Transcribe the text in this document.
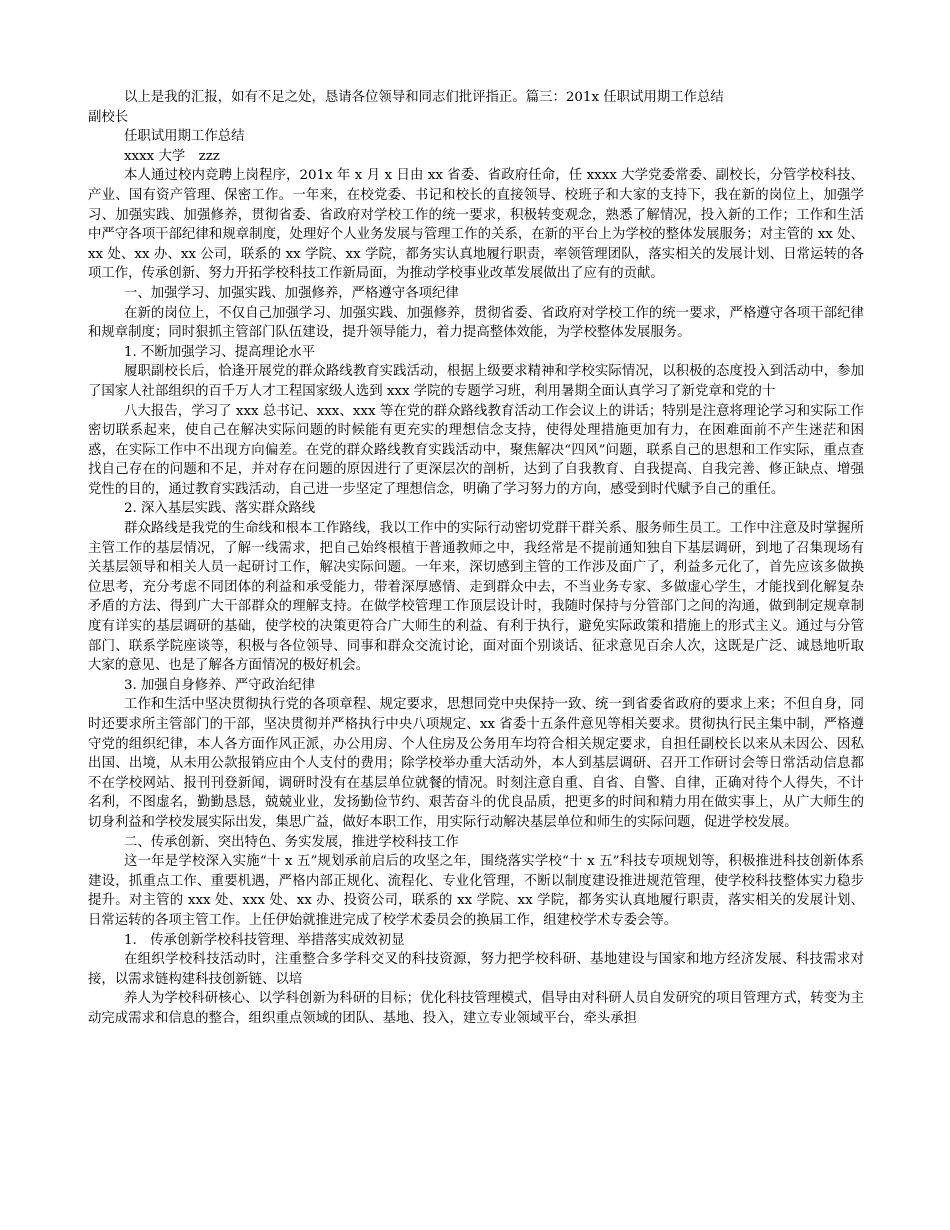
以上是我的汇报，如有不足之处，恳请各位领导和同志们批评指正。篇三：201x 任职试用期工作总结

副校长

任职试用期工作总结

xxxx 大学　zzz

本人通过校内竞聘上岗程序，201x 年 x 月 x 日由 xx 省委、省政府任命，任 xxxx 大学党委常委、副校长，分管学校科技、产业、国有资产管理、保密工作。一年来，在校党委、书记和校长的直接领导、校班子和大家的支持下，我在新的岗位上，加强学习、加强实践、加强修养，贯彻省委、省政府对学校工作的统一要求，积极转变观念，熟悉了解情况，投入新的工作；工作和生活中严守各项干部纪律和规章制度，处理好个人业务发展与管理工作的关系，在新的平台上为学校的整体发展服务；对主管的 xx 处、xx 处、xx 办、xx 公司，联系的 xx 学院、xx 学院，都务实认真地履行职责，率领管理团队，落实相关的发展计划、日常运转的各项工作，传承创新、努力开拓学校科技工作新局面，为推动学校事业改革发展做出了应有的贡献。

一、加强学习、加强实践、加强修养，严格遵守各项纪律

在新的岗位上，不仅自己加强学习、加强实践、加强修养，贯彻省委、省政府对学校工作的统一要求，严格遵守各项干部纪律和规章制度；同时狠抓主管部门队伍建设，提升领导能力，着力提高整体效能，为学校整体发展服务。

1. 不断加强学习、提高理论水平

履职副校长后，恰逢开展党的群众路线教育实践活动，根据上级要求精神和学校实际情况，以积极的态度投入到活动中，参加了国家人社部组织的百千万人才工程国家级人选到 xxx 学院的专题学习班，利用暑期全面认真学习了新党章和党的十

八大报告，学习了 xxx 总书记、xxx、xxx 等在党的群众路线教育活动工作会议上的讲话；特别是注意将理论学习和实际工作密切联系起来，使自己在解决实际问题的时候能有更充实的理想信念支持，使得处理措施更加有力，在困难面前不产生迷茫和困惑，在实际工作中不出现方向偏差。在党的群众路线教育实践活动中，聚焦解决“四风”问题，联系自己的思想和工作实际，重点查找自己存在的问题和不足，并对存在问题的原因进行了更深层次的剖析，达到了自我教育、自我提高、自我完善、修正缺点、增强党性的目的，通过教育实践活动，自己进一步坚定了理想信念，明确了学习努力的方向，感受到时代赋予自己的重任。

2. 深入基层实践、落实群众路线

群众路线是我党的生命线和根本工作路线，我以工作中的实际行动密切党群干群关系、服务师生员工。工作中注意及时掌握所主管工作的基层情况，了解一线需求，把自己始终根植于普通教师之中，我经常是不提前通知独自下基层调研，到地了召集现场有关基层领导和相关人员一起研讨工作，解决实际问题。一年来，深切感到主管的工作涉及面广了，利益多元化了，首先应该多做换位思考，充分考虑不同团体的利益和承受能力，带着深厚感情、走到群众中去，不当业务专家、多做虚心学生，才能找到化解复杂矛盾的方法、得到广大干部群众的理解支持。在做学校管理工作顶层设计时，我随时保持与分管部门之间的沟通，做到制定规章制度有详实的基层调研的基础，使学校的决策更符合广大师生的利益、有利于执行，避免实际政策和措施上的形式主义。通过与分管部门、联系学院座谈等，积极与各位领导、同事和群众交流讨论，面对面个别谈话、征求意见百余人次，这既是广泛、诚恳地听取大家的意见、也是了解各方面情况的极好机会。

3. 加强自身修养、严守政治纪律

工作和生活中坚决贯彻执行党的各项章程、规定要求，思想同党中央保持一致、统一到省委省政府的要求上来；不但自身，同时还要求所主管部门的干部，坚决贯彻并严格执行中央八项规定、xx 省委十五条件意见等相关要求。贯彻执行民主集中制，严格遵守党的组织纪律，本人各方面作风正派，办公用房、个人住房及公务用车均符合相关规定要求，自担任副校长以来从未因公、因私出国、出境，从未用公款报销应由个人支付的费用；除学校举办重大活动外，本人到基层调研、召开工作研讨会等日常活动信息都不在学校网站、报刊刊登新闻，调研时没有在基层单位就餐的情况。时刻注意自重、自省、自警、自律，正确对待个人得失，不计名利，不图虚名，勤勤恳恳，兢兢业业，发扬勤俭节约、艰苦奋斗的优良品质，把更多的时间和精力用在做实事上，从广大师生的切身利益和学校发展实际出发，集思广益，做好本职工作，用实际行动解决基层单位和师生的实际问题，促进学校发展。

二、传承创新、突出特色、务实发展，推进学校科技工作

这一年是学校深入实施“十 x 五”规划承前启后的攻坚之年，围绕落实学校“十 x 五”科技专项规划等，积极推进科技创新体系建设，抓重点工作、重要机遇，严格内部正规化、流程化、专业化管理，不断以制度建设推进规范管理，使学校科技整体实力稳步提升。对主管的 xxx 处、xxx 处、xx 办、投资公司，联系的 xx 学院、xx 学院，都务实认真地履行职责，落实相关的发展计划、日常运转的各项主管工作。上任伊始就推进完成了校学术委员会的换届工作，组建校学术专委会等。

1.　传承创新学校科技管理、举措落实成效初显

在组织学校科技活动时，注重整合多学科交叉的科技资源，努力把学校科研、基地建设与国家和地方经济发展、科技需求对接，以需求链构建科技创新链、以培

养人为学校科研核心、以学科创新为科研的目标；优化科技管理模式，倡导由对科研人员自发研究的项目管理方式，转变为主动完成需求和信息的整合，组织重点领域的团队、基地、投入，建立专业领域平台，牵头承担
